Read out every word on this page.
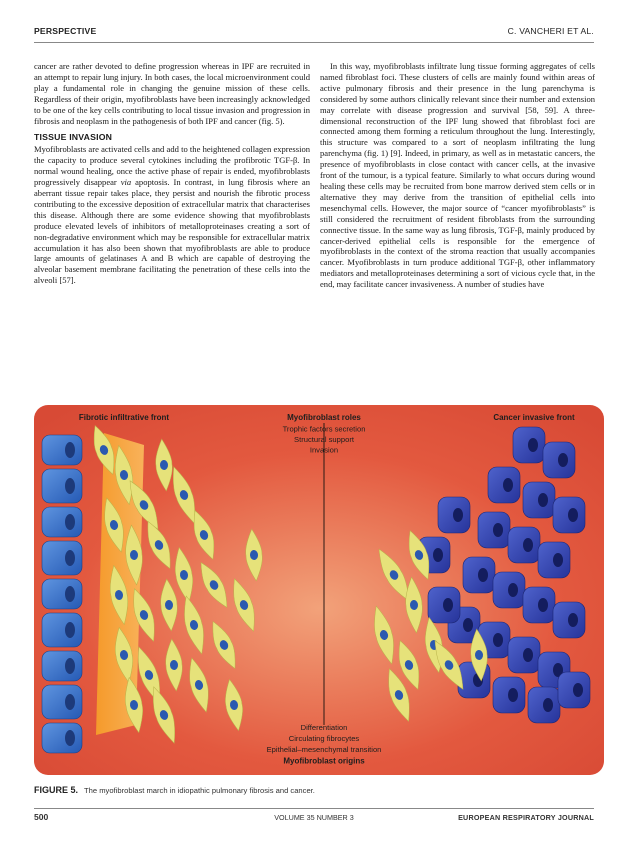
PERSPECTIVE	C. VANCHERI ET AL.

cancer are rather devoted to define progression whereas in IPF are recruited in an attempt to repair lung injury. In both cases, the local microenvironment could play a fundamental role in changing the genuine mission of these cells. Regardless of their origin, myofibroblasts have been increasingly acknowledged to be one of the key cells contributing to local tissue invasion and progression in fibrosis and neoplasm in the pathogenesis of both IPF and cancer (fig. 5).

TISSUE INVASION

Myofibroblasts are activated cells and add to the heightened collagen expression the capacity to produce several cytokines including the profibrotic TGF-β. In normal wound healing, once the active phase of repair is ended, myofibroblasts progressively disappear via apoptosis. In contrast, in lung fibrosis where an aberrant tissue repair takes place, they persist and nourish the fibrotic process contributing to the excessive deposition of extracellular matrix that characterises this disease. Although there are some evidence showing that myofibroblasts produce elevated levels of inhibitors of metalloproteinases creating a sort of non-degradative environment which may be responsible for extracellular matrix accumulation it has also been shown that myofibroblasts are able to produce large amounts of gelatinases A and B which are capable of destroying the alveolar basement membrane facilitating the penetration of these cells into the alveoli [57].

In this way, myofibroblasts infiltrate lung tissue forming aggregates of cells named fibroblast foci. These clusters of cells are mainly found within areas of active pulmonary fibrosis and their presence in the lung parenchyma is considered by some authors clinically relevant since their number and extension may correlate with disease progression and survival [58, 59]. A three-dimensional reconstruction of the IPF lung showed that fibroblast foci are connected among them forming a reticulum throughout the lung. Interestingly, this structure was compared to a sort of neoplasm infiltrating the lung parenchyma (fig. 1) [9]. Indeed, in primary, as well as in metastatic cancers, the presence of myofibroblasts in close contact with cancer cells, at the invasive front of the tumour, is a typical feature. Similarly to what occurs during wound healing these cells may be recruited from bone marrow derived stem cells or in alternative they may derive from the transition of epithelial cells into mesenchymal cells. However, the major source of “cancer myofibroblasts” is still considered the recruitment of resident fibroblasts from the surrounding connective tissue. In the same way as lung fibrosis, TGF-β, mainly produced by cancer-derived epithelial cells is responsible for the emergence of myofibroblasts in the context of the stroma reaction that usually accompanies cancer. Myofibroblasts in turn produce additional TGF-β, other inflammatory mediators and metalloproteinases determining a sort of vicious cycle that, in the end, may facilitate cancer invasiveness. A number of studies have

Fibrotic infiltrative front	Cancer invasive front
Myofibroblast roles
Trophic factors secretion
Structural support
Invasion
Differentiation
Circulating fibrocytes
Epithelial–mesenchymal transition
Myofibroblast origins
FIGURE 5. The myofibroblast march in idiopathic pulmonary fibrosis and cancer.
500	VOLUME 35 NUMBER 3	EUROPEAN RESPIRATORY JOURNAL
